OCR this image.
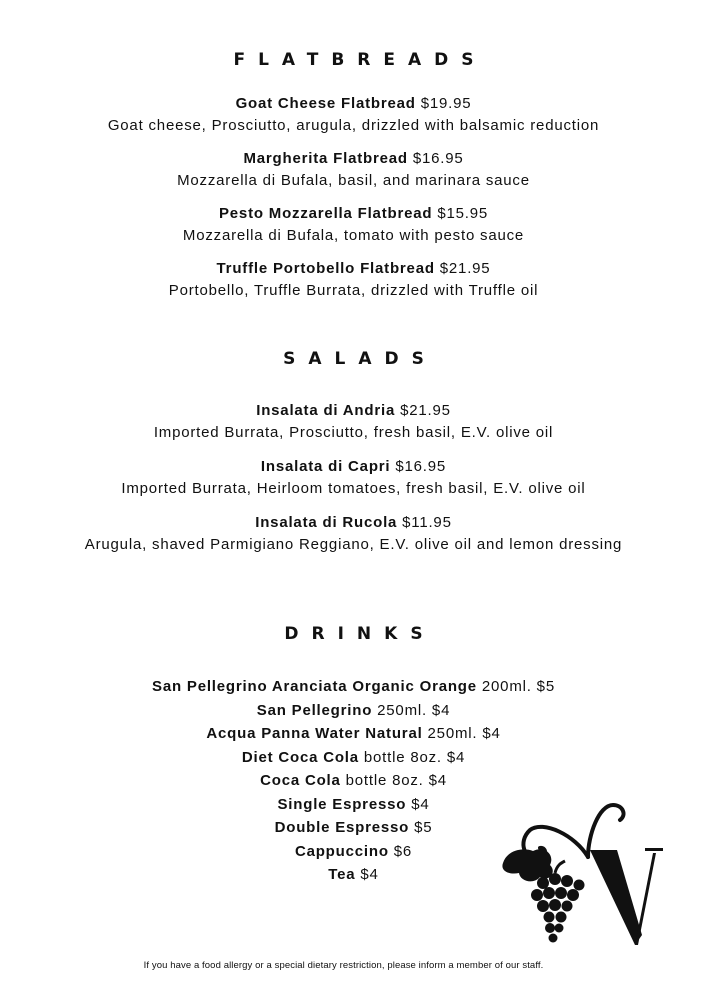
FLATBREADS
Goat Cheese Flatbread $19.95
Goat cheese, Prosciutto, arugula, drizzled with balsamic reduction
Margherita Flatbread $16.95
Mozzarella di Bufala, basil, and marinara sauce
Pesto Mozzarella Flatbread $15.95
Mozzarella di Bufala, tomato with pesto sauce
Truffle Portobello Flatbread $21.95
Portobello, Truffle Burrata, drizzled with Truffle oil
SALADS
Insalata di Andria $21.95
Imported Burrata, Prosciutto, fresh basil, E.V. olive oil
Insalata di Capri $16.95
Imported Burrata, Heirloom tomatoes, fresh basil, E.V. olive oil
Insalata di Rucola $11.95
Arugula, shaved Parmigiano Reggiano, E.V. olive oil and lemon dressing
DRINKS
San Pellegrino Aranciata Organic Orange 200ml. $5
San Pellegrino 250ml. $4
Acqua Panna Water Natural 250ml. $4
Diet Coca Cola bottle 8oz. $4
Coca Cola bottle 8oz. $4
Single Espresso $4
Double Espresso $5
Cappuccino $6
Tea $4
If you have a food allergy or a special dietary restriction, please inform a member of our staff.
